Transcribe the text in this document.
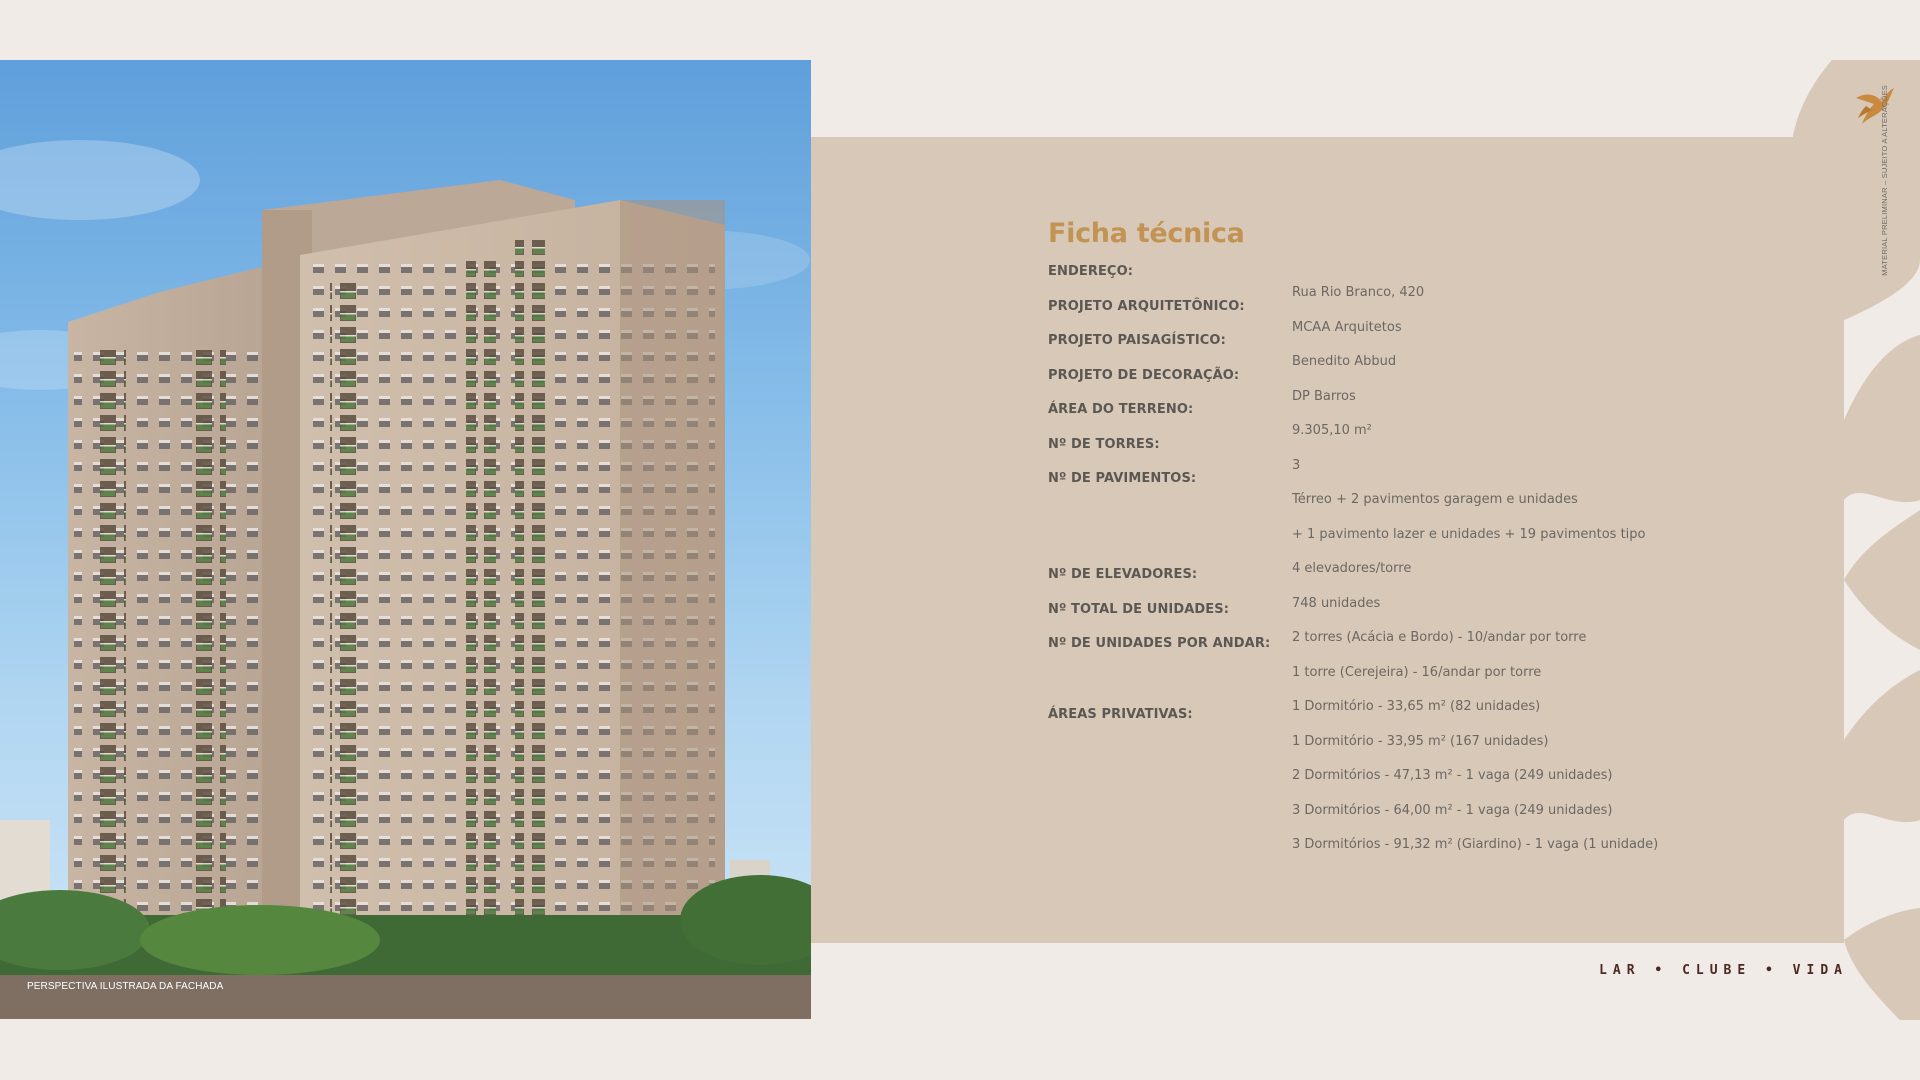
PERSPECTIVA ILUSTRADA DA FACHADA
Ficha técnica
ENDEREÇO:
PROJETO ARQUITETÔNICO:
PROJETO PAISAGÍSTICO:
PROJETO DE DECORAÇÃO:
ÁREA DO TERRENO:
Nº DE TORRES:
Nº DE PAVIMENTOS:
Nº DE ELEVADORES:
Nº TOTAL DE UNIDADES:
Nº DE UNIDADES POR ANDAR:
ÁREAS PRIVATIVAS:
Rua Rio Branco, 420
MCAA Arquitetos
Benedito Abbud
DP Barros
9.305,10 m²
3
Térreo + 2 pavimentos garagem e unidades
+ 1 pavimento lazer e unidades + 19 pavimentos tipo
4 elevadores/torre
748 unidades
2 torres (Acácia e Bordo) - 10/andar por torre
1 torre (Cerejeira) - 16/andar por torre
1 Dormitório - 33,65 m² (82 unidades)
1 Dormitório - 33,95 m² (167 unidades)
2 Dormitórios - 47,13 m² - 1 vaga (249 unidades)
3 Dormitórios - 64,00 m² - 1 vaga (249 unidades)
3 Dormitórios - 91,32 m² (Giardino) - 1 vaga (1 unidade)
MATERIAL PRELIMINAR – SUJEITO A ALTERAÇÕES
LAR • CLUBE • VIDA
